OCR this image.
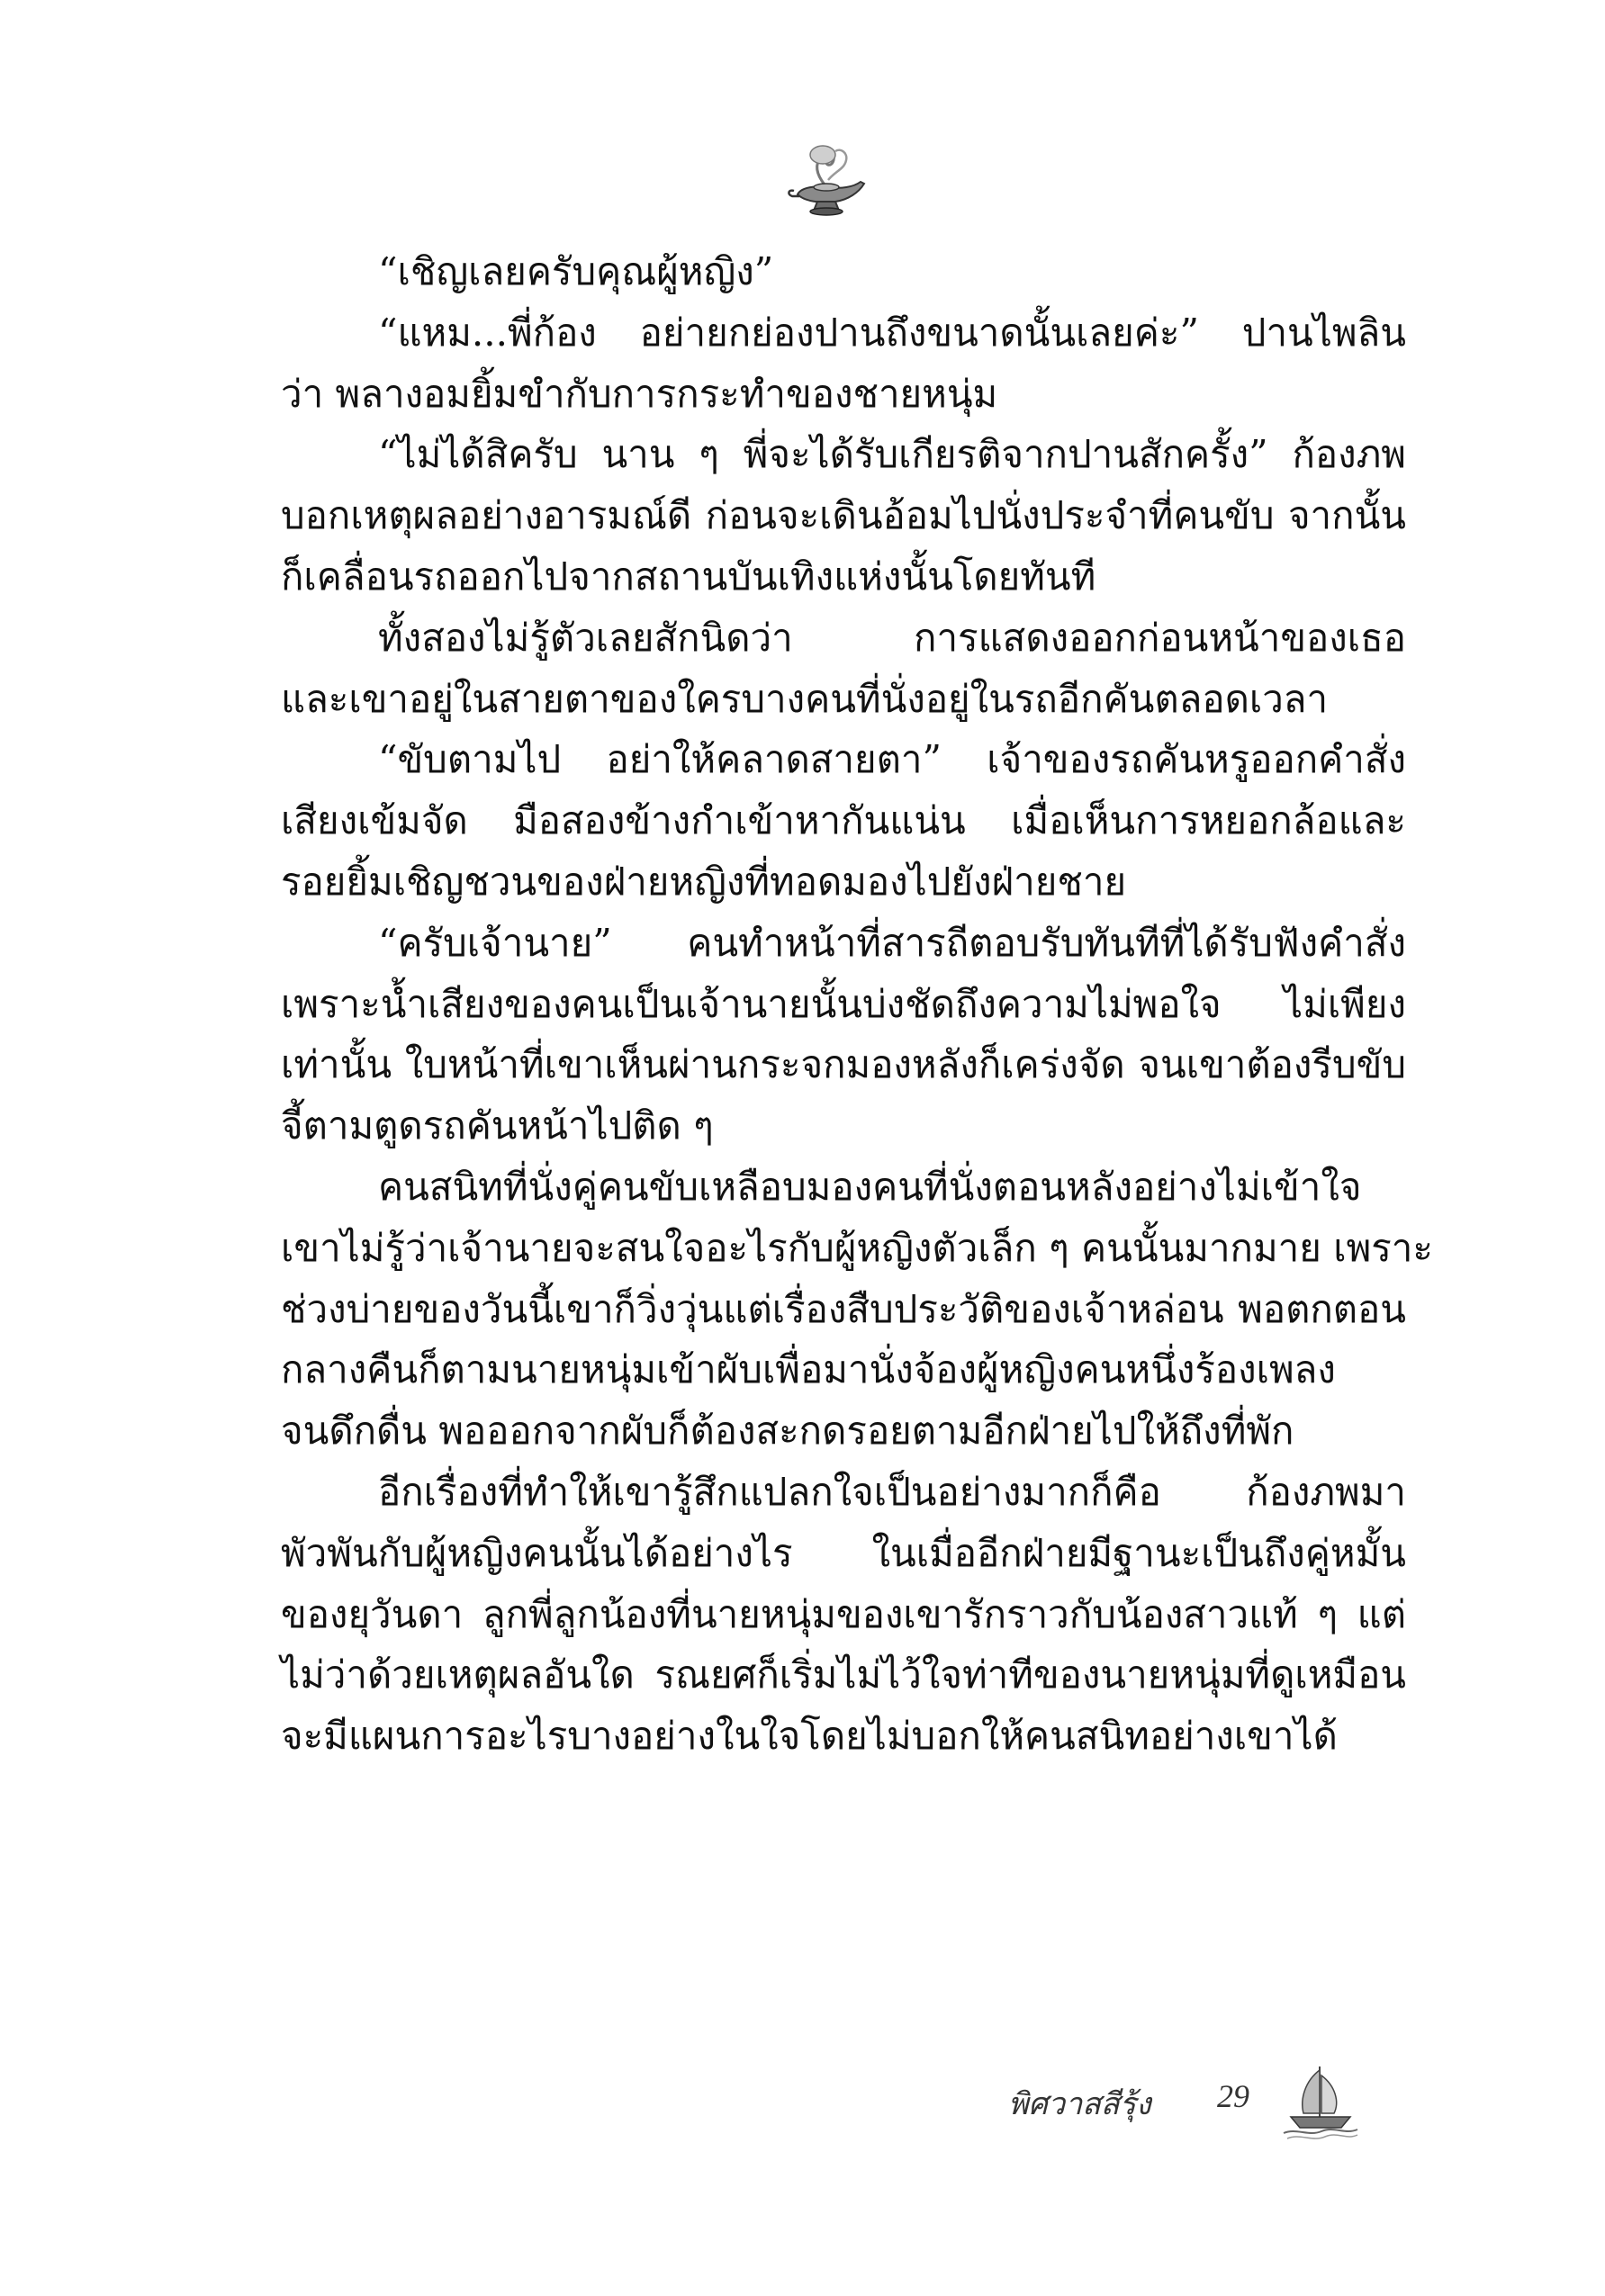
“เชิญเลยครับคุณผู้หญิง”
“แหม...พี่ก้อง อย่ายกย่องปานถึงขนาดนั้นเลยค่ะ” ปานไพลิน
ว่า พลางอมยิ้มขำกับการกระทำของชายหนุ่ม
“ไม่ได้สิครับ นาน ๆ พี่จะได้รับเกียรติจากปานสักครั้ง” ก้องภพ
บอกเหตุผลอย่างอารมณ์ดี ก่อนจะเดินอ้อมไปนั่งประจำที่คนขับ จากนั้น
ก็เคลื่อนรถออกไปจากสถานบันเทิงแห่งนั้นโดยทันที
ทั้งสองไม่รู้ตัวเลยสักนิดว่า การแสดงออกก่อนหน้าของเธอ
และเขาอยู่ในสายตาของใครบางคนที่นั่งอยู่ในรถอีกคันตลอดเวลา
“ขับตามไป อย่าให้คลาดสายตา” เจ้าของรถคันหรูออกคำสั่ง
เสียงเข้มจัด มือสองข้างกำเข้าหากันแน่น เมื่อเห็นการหยอกล้อและ
รอยยิ้มเชิญชวนของฝ่ายหญิงที่ทอดมองไปยังฝ่ายชาย
“ครับเจ้านาย” คนทำหน้าที่สารถีตอบรับทันทีที่ได้รับฟังคำสั่ง
เพราะน้ำเสียงของคนเป็นเจ้านายนั้นบ่งชัดถึงความไม่พอใจ ไม่เพียง
เท่านั้น ใบหน้าที่เขาเห็นผ่านกระจกมองหลังก็เคร่งจัด จนเขาต้องรีบขับ
จี้ตามตูดรถคันหน้าไปติด ๆ
คนสนิทที่นั่งคู่คนขับเหลือบมองคนที่นั่งตอนหลังอย่างไม่เข้าใจ
เขาไม่รู้ว่าเจ้านายจะสนใจอะไรกับผู้หญิงตัวเล็ก ๆ คนนั้นมากมาย เพราะ
ช่วงบ่ายของวันนี้เขาก็วิ่งวุ่นแต่เรื่องสืบประวัติของเจ้าหล่อน พอตกตอน
กลางคืนก็ตามนายหนุ่มเข้าผับเพื่อมานั่งจ้องผู้หญิงคนหนึ่งร้องเพลง
จนดึกดื่น พอออกจากผับก็ต้องสะกดรอยตามอีกฝ่ายไปให้ถึงที่พัก
อีกเรื่องที่ทำให้เขารู้สึกแปลกใจเป็นอย่างมากก็คือ ก้องภพมา
พัวพันกับผู้หญิงคนนั้นได้อย่างไร ในเมื่ออีกฝ่ายมีฐานะเป็นถึงคู่หมั้น
ของยุวันดา ลูกพี่ลูกน้องที่นายหนุ่มของเขารักราวกับน้องสาวแท้ ๆ แต่
ไม่ว่าด้วยเหตุผลอันใด รณยศก็เริ่มไม่ไว้ใจท่าทีของนายหนุ่มที่ดูเหมือน
จะมีแผนการอะไรบางอย่างในใจโดยไม่บอกให้คนสนิทอย่างเขาได้
พิศวาสสีรุ้ง 29
